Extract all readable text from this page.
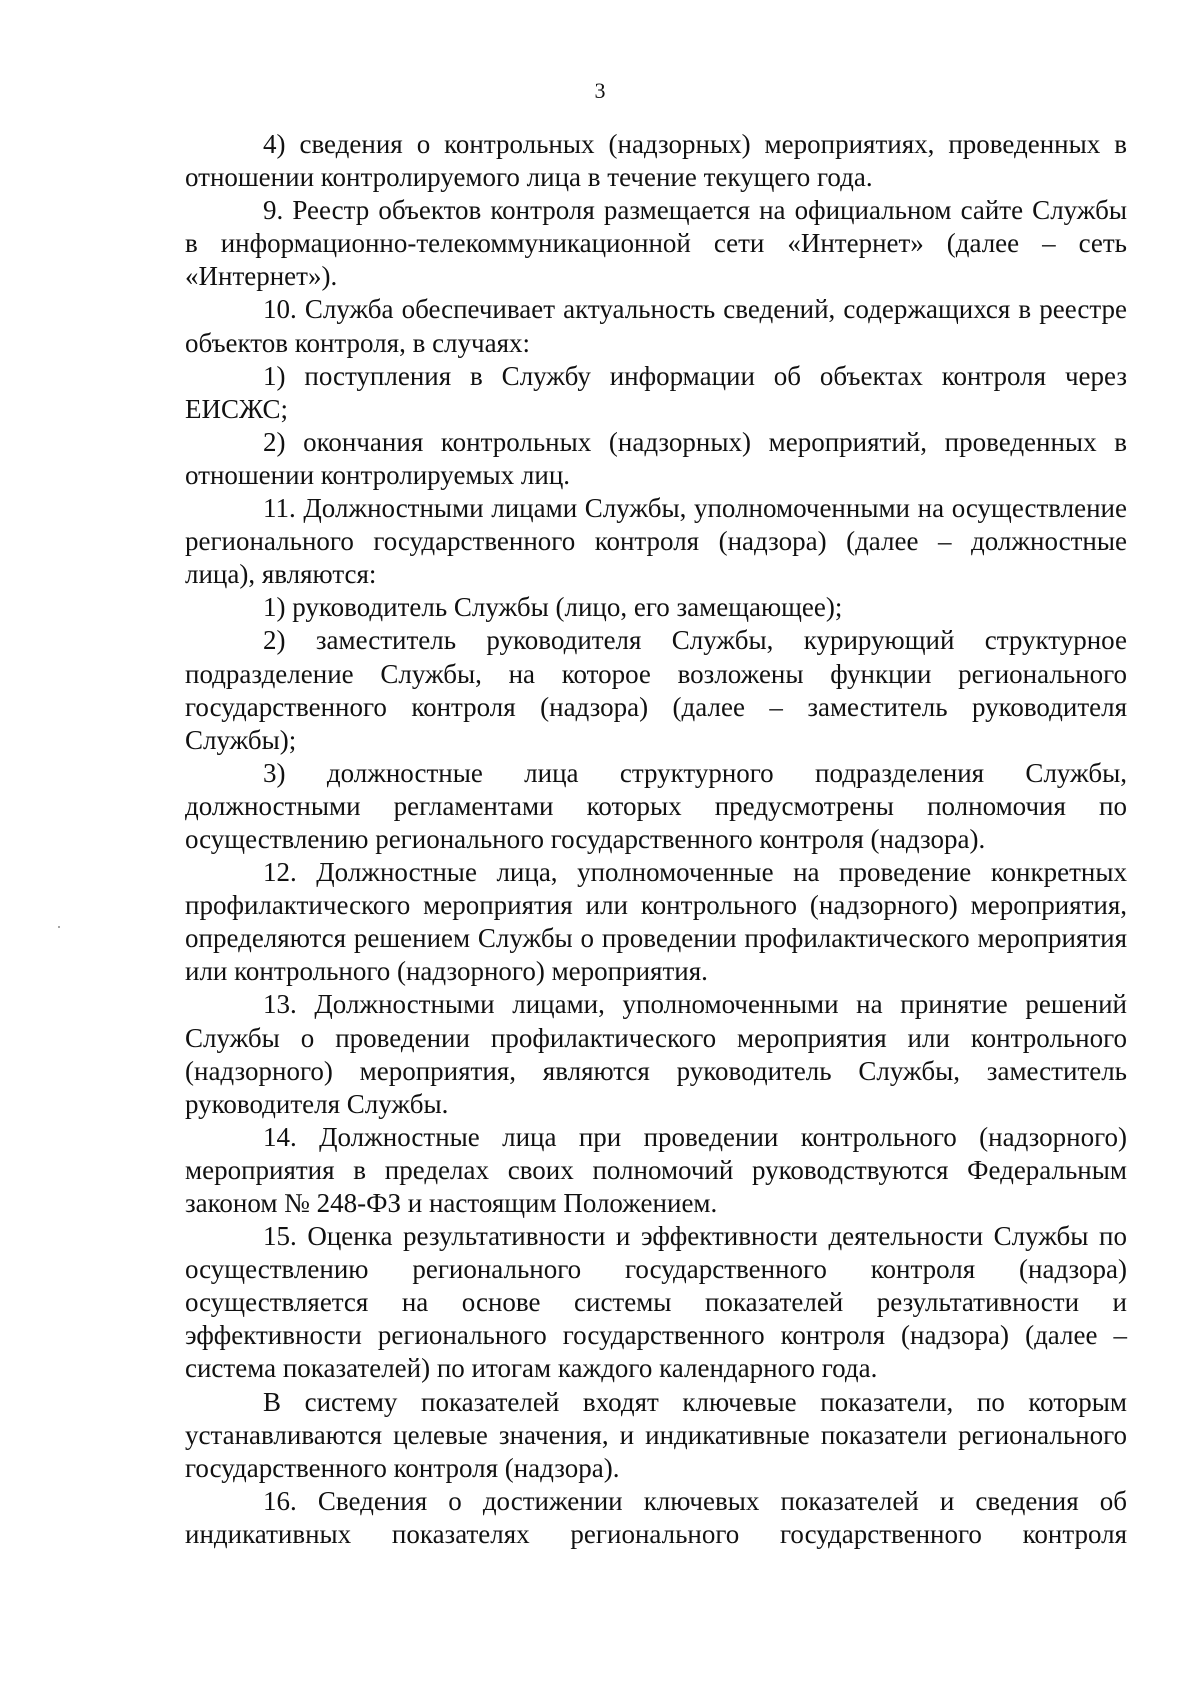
3

4) сведения о контрольных (надзорных) мероприятиях, проведенных в отношении контролируемого лица в течение текущего года.

9. Реестр объектов контроля размещается на официальном сайте Службы в информационно-телекоммуникационной сети «Интернет» (далее – сеть «Интернет»).

10. Служба обеспечивает актуальность сведений, содержащихся в реестре объектов контроля, в случаях:

1) поступления в Службу информации об объектах контроля через ЕИСЖС;

2) окончания контрольных (надзорных) мероприятий, проведенных в отношении контролируемых лиц.

11. Должностными лицами Службы, уполномоченными на осуществление регионального государственного контроля (надзора) (далее – должностные лица), являются:

1) руководитель Службы (лицо, его замещающее);

2) заместитель руководителя Службы, курирующий структурное подразделение Службы, на которое возложены функции регионального государственного контроля (надзора) (далее – заместитель руководителя Службы);

3) должностные лица структурного подразделения Службы, должностными регламентами которых предусмотрены полномочия по осуществлению регионального государственного контроля (надзора).

12. Должностные лица, уполномоченные на проведение конкретных профилактического мероприятия или контрольного (надзорного) мероприятия, определяются решением Службы о проведении профилактического мероприятия или контрольного (надзорного) мероприятия.

13. Должностными лицами, уполномоченными на принятие решений Службы о проведении профилактического мероприятия или контрольного (надзорного) мероприятия, являются руководитель Службы, заместитель руководителя Службы.

14. Должностные лица при проведении контрольного (надзорного) мероприятия в пределах своих полномочий руководствуются Федеральным законом № 248-ФЗ и настоящим Положением.

15. Оценка результативности и эффективности деятельности Службы по осуществлению регионального государственного контроля (надзора) осуществляется на основе системы показателей результативности и эффективности регионального государственного контроля (надзора) (далее – система показателей) по итогам каждого календарного года.

В систему показателей входят ключевые показатели, по которым устанавливаются целевые значения, и индикативные показатели регионального государственного контроля (надзора).

16. Сведения о достижении ключевых показателей и сведения об индикативных показателях регионального государственного контроля
